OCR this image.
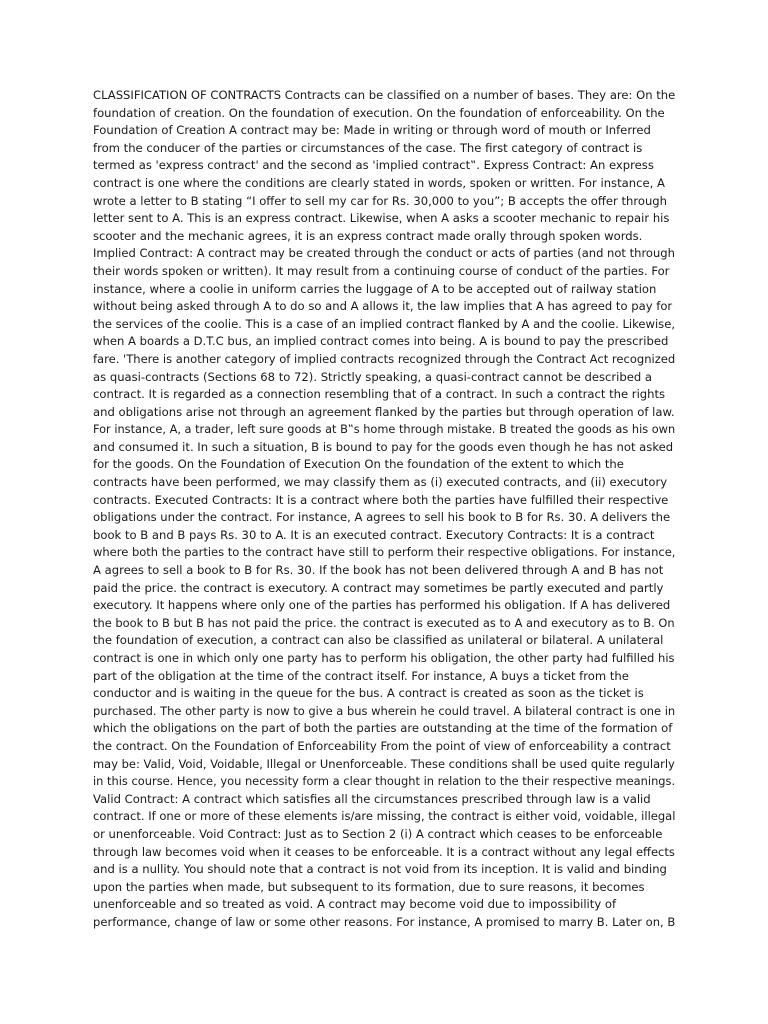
CLASSIFICATION OF CONTRACTS Contracts can be classified on a number of bases. They are: On the
foundation of creation. On the foundation of execution. On the foundation of enforceability. On the
Foundation of Creation A contract may be: Made in writing or through word of mouth or Inferred
from the conducer of the parties or circumstances of the case. The first category of contract is
termed as 'express contract' and the second as 'implied contract‟. Express Contract: An express
contract is one where the conditions are clearly stated in words, spoken or written. For instance, A
wrote a letter to B stating “I offer to sell my car for Rs. 30,000 to you”; B accepts the offer through
letter sent to A. This is an express contract. Likewise, when A asks a scooter mechanic to repair his
scooter and the mechanic agrees, it is an express contract made orally through spoken words.
Implied Contract: A contract may be created through the conduct or acts of parties (and not through
their words spoken or written). It may result from a continuing course of conduct of the parties. For
instance, where a coolie in uniform carries the luggage of A to be accepted out of railway station
without being asked through A to do so and A allows it, the law implies that A has agreed to pay for
the services of the coolie. This is a case of an implied contract flanked by A and the coolie. Likewise,
when A boards a D.T.C bus, an implied contract comes into being. A is bound to pay the prescribed
fare. 'There is another category of implied contracts recognized through the Contract Act recognized
as quasi-contracts (Sections 68 to 72). Strictly speaking, a quasi-contract cannot be described a
contract. It is regarded as a connection resembling that of a contract. In such a contract the rights
and obligations arise not through an agreement flanked by the parties but through operation of law.
For instance, A, a trader, left sure goods at B‟s home through mistake. B treated the goods as his own
and consumed it. In such a situation, B is bound to pay for the goods even though he has not asked
for the goods. On the Foundation of Execution On the foundation of the extent to which the
contracts have been performed, we may classify them as (i) executed contracts, and (ii) executory
contracts. Executed Contracts: It is a contract where both the parties have fulfilled their respective
obligations under the contract. For instance, A agrees to sell his book to B for Rs. 30. A delivers the
book to B and B pays Rs. 30 to A. It is an executed contract. Executory Contracts: It is a contract
where both the parties to the contract have still to perform their respective obligations. For instance,
A agrees to sell a book to B for Rs. 30. If the book has not been delivered through A and B has not
paid the price. the contract is executory. A contract may sometimes be partly executed and partly
executory. It happens where only one of the parties has performed his obligation. If A has delivered
the book to B but B has not paid the price. the contract is executed as to A and executory as to B. On
the foundation of execution, a contract can also be classified as unilateral or bilateral. A unilateral
contract is one in which only one party has to perform his obligation, the other party had fulfilled his
part of the obligation at the time of the contract itself. For instance, A buys a ticket from the
conductor and is waiting in the queue for the bus. A contract is created as soon as the ticket is
purchased. The other party is now to give a bus wherein he could travel. A bilateral contract is one in
which the obligations on the part of both the parties are outstanding at the time of the formation of
the contract. On the Foundation of Enforceability From the point of view of enforceability a contract
may be: Valid, Void, Voidable, Illegal or Unenforceable. These conditions shall be used quite regularly
in this course. Hence, you necessity form a clear thought in relation to the their respective meanings.
Valid Contract: A contract which satisfies all the circumstances prescribed through law is a valid
contract. If one or more of these elements is/are missing, the contract is either void, voidable, illegal
or unenforceable. Void Contract: Just as to Section 2 (i) A contract which ceases to be enforceable
through law becomes void when it ceases to be enforceable. It is a contract without any legal effects
and is a nullity. You should note that a contract is not void from its inception. It is valid and binding
upon the parties when made, but subsequent to its formation, due to sure reasons, it becomes
unenforceable and so treated as void. A contract may become void due to impossibility of
performance, change of law or some other reasons. For instance, A promised to marry B. Later on, B
